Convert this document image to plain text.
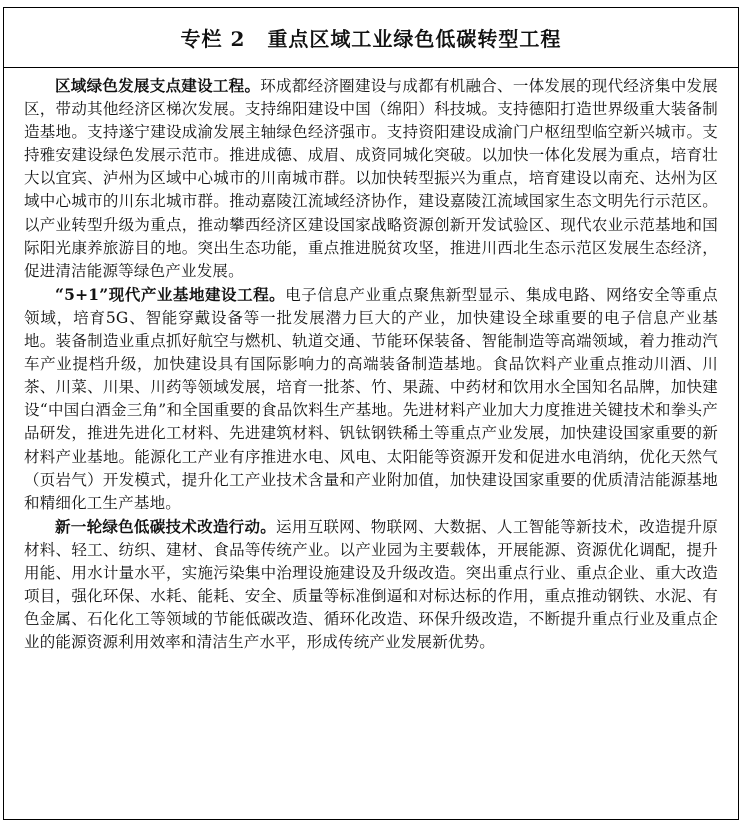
专栏 2 重点区域工业绿色低碳转型工程

区域绿色发展支点建设工程。环成都经济圈建设与成都有机融合、一体发展的现代经济集中发展区，带动其他经济区梯次发展。支持绵阳建设中国（绵阳）科技城。支持德阳打造世界级重大装备制造基地。支持遂宁建设成渝发展主轴绿色经济强市。支持资阳建设成渝门户枢纽型临空新兴城市。支持雅安建设绿色发展示范市。推进成德、成眉、成资同城化突破。以加快一体化发展为重点，培育壮大以宜宾、泸州为区域中心城市的川南城市群。以加快转型振兴为重点，培育建设以南充、达州为区域中心城市的川东北城市群。推动嘉陵江流域经济协作，建设嘉陵江流域国家生态文明先行示范区。以产业转型升级为重点，推动攀西经济区建设国家战略资源创新开发试验区、现代农业示范基地和国际阳光康养旅游目的地。突出生态功能，重点推进脱贫攻坚，推进川西北生态示范区发展生态经济，促进清洁能源等绿色产业发展。

“5+1”现代产业基地建设工程。电子信息产业重点聚焦新型显示、集成电路、网络安全等重点领域，培育5G、智能穿戴设备等一批发展潜力巨大的产业，加快建设全球重要的电子信息产业基地。装备制造业重点抓好航空与燃机、轨道交通、节能环保装备、智能制造等高端领域，着力推动汽车产业提档升级，加快建设具有国际影响力的高端装备制造基地。食品饮料产业重点推动川酒、川茶、川菜、川果、川药等领域发展，培育一批茶、竹、果蔬、中药材和饮用水全国知名品牌，加快建设“中国白酒金三角”和全国重要的食品饮料生产基地。先进材料产业加大力度推进关键技术和拳头产品研发，推进先进化工材料、先进建筑材料、钒钛钢铁稀土等重点产业发展，加快建设国家重要的新材料产业基地。能源化工产业有序推进水电、风电、太阳能等资源开发和促进水电消纳，优化天然气（页岩气）开发模式，提升化工产业技术含量和产业附加值，加快建设国家重要的优质清洁能源基地和精细化工生产基地。

新一轮绿色低碳技术改造行动。运用互联网、物联网、大数据、人工智能等新技术，改造提升原材料、轻工、纺织、建材、食品等传统产业。以产业园为主要载体，开展能源、资源优化调配，提升用能、用水计量水平，实施污染集中治理设施建设及升级改造。突出重点行业、重点企业、重大改造项目，强化环保、水耗、能耗、安全、质量等标准倒逼和对标达标的作用，重点推动钢铁、水泥、有色金属、石化化工等领域的节能低碳改造、循环化改造、环保升级改造，不断提升重点行业及重点企业的能源资源利用效率和清洁生产水平，形成传统产业发展新优势。
